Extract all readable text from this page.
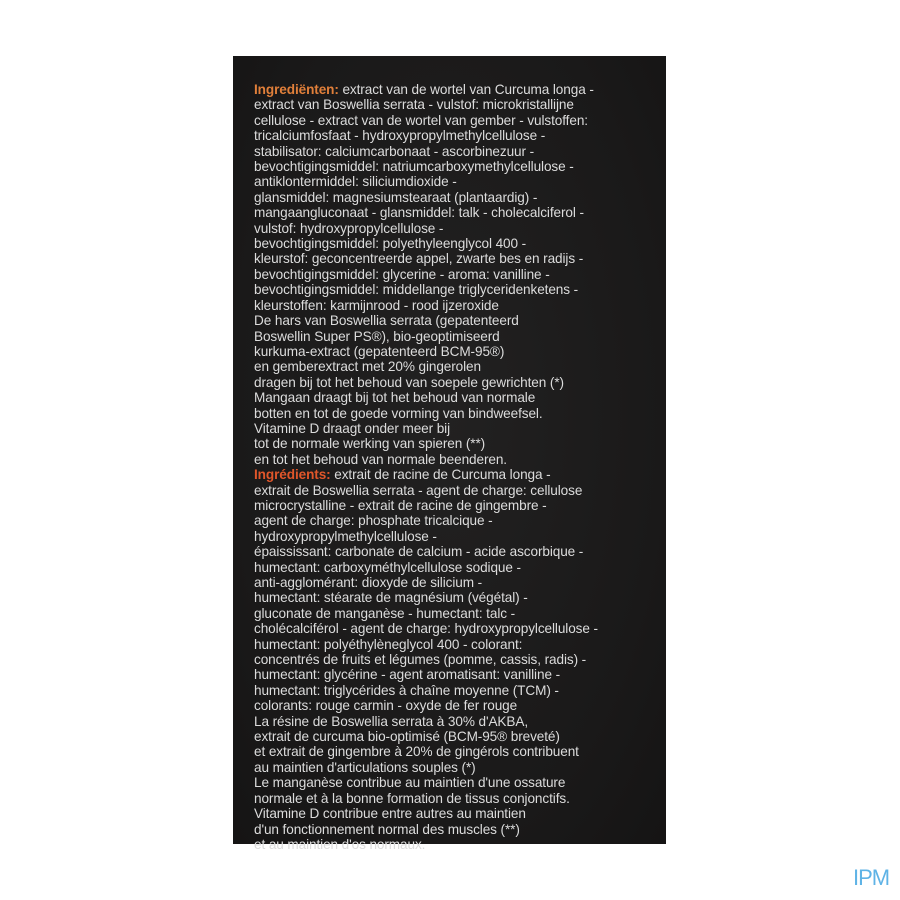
Ingrediënten: extract van de wortel van Curcuma longa -
extract van Boswellia serrata - vulstof: microkristallijne
cellulose - extract van de wortel van gember - vulstoffen:
tricalciumfosfaat - hydroxypropylmethylcellulose -
stabilisator: calciumcarbonaat - ascorbinezuur -
bevochtigingsmiddel: natriumcarboxymethylcellulose -
antiklontermiddel: siliciumdioxide -
glansmiddel: magnesiumstearaat (plantaardig) -
mangaangluconaat - glansmiddel: talk - cholecalciferol -
vulstof: hydroxypropylcellulose -
bevochtigingsmiddel: polyethyleenglycol 400 -
kleurstof: geconcentreerde appel, zwarte bes en radijs -
bevochtigingsmiddel: glycerine - aroma: vanilline -
bevochtigingsmiddel: middellange triglyceridenketens -
kleurstoffen: karmijnrood - rood ijzeroxide

De hars van Boswellia serrata (gepatenteerd
Boswellin Super PS®), bio-geoptimiseerd
kurkuma-extract (gepatenteerd BCM-95®)
en gemberextract met 20% gingerolen
dragen bij tot het behoud van soepele gewrichten (*)
Mangaan draagt bij tot het behoud van normale
botten en tot de goede vorming van bindweefsel.
Vitamine D draagt onder meer bij
tot de normale werking van spieren (**)
en tot het behoud van normale beenderen.

Ingrédients: extrait de racine de Curcuma longa -
extrait de Boswellia serrata - agent de charge: cellulose
microcrystalline - extrait de racine de gingembre -
agent de charge: phosphate tricalcique -
hydroxypropylmethylcellulose -
épaississant: carbonate de calcium - acide ascorbique -
humectant: carboxyméthylcellulose sodique -
anti-agglomérant: dioxyde de silicium -
humectant: stéarate de magnésium (végétal) -
gluconate de manganèse - humectant: talc -
cholécalciférol - agent de charge: hydroxypropylcellulose -
humectant: polyéthylèneglycol 400 - colorant:
concentrés de fruits et légumes (pomme, cassis, radis) -
humectant: glycérine - agent aromatisant: vanilline -
humectant: triglycérides à chaîne moyenne (TCM) -
colorants: rouge carmin - oxyde de fer rouge

La résine de Boswellia serrata à 30% d'AKBA,
extrait de curcuma bio-optimisé (BCM-95® breveté)
et extrait de gingembre à 20% de gingérols contribuent
au maintien d'articulations souples (*)
Le manganèse contribue au maintien d'une ossature
normale et à la bonne formation de tissus conjonctifs.
Vitamine D contribue entre autres au maintien
d'un fonctionnement normal des muscles (**)
et au maintien d'os normaux.

IPM
